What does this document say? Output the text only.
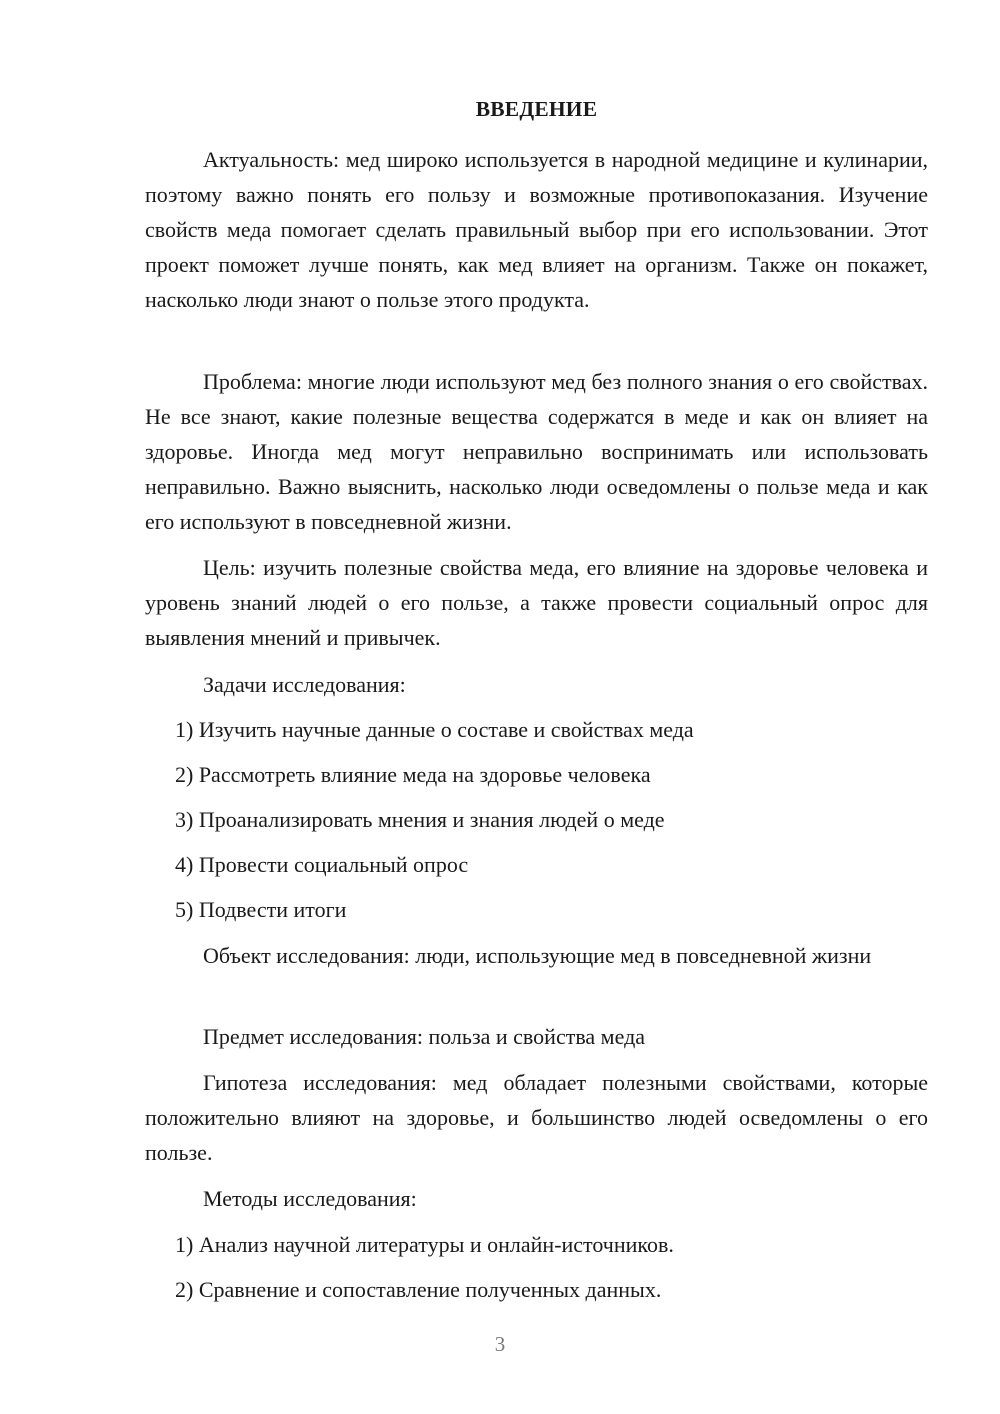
ВВЕДЕНИЕ

Актуальность: мед широко используется в народной медицине и кулинарии, поэтому важно понять его пользу и возможные противопоказания. Изучение свойств меда помогает сделать правильный выбор при его использовании. Этот проект поможет лучше понять, как мед влияет на организм. Также он покажет, насколько люди знают о пользе этого продукта.

Проблема: многие люди используют мед без полного знания о его свойствах. Не все знают, какие полезные вещества содержатся в меде и как он влияет на здоровье. Иногда мед могут неправильно воспринимать или использовать неправильно. Важно выяснить, насколько люди осведомлены о пользе меда и как его используют в повседневной жизни.

Цель: изучить полезные свойства меда, его влияние на здоровье человека и уровень знаний людей о его пользе, а также провести социальный опрос для выявления мнений и привычек.

Задачи исследования:

1) Изучить научные данные о составе и свойствах меда

2) Рассмотреть влияние меда на здоровье человека

3) Проанализировать мнения и знания людей о меде

4) Провести социальный опрос

5) Подвести итоги

Объект исследования: люди, использующие мед в повседневной жизни

Предмет исследования: польза и свойства меда

Гипотеза исследования: мед обладает полезными свойствами, которые положительно влияют на здоровье, и большинство людей осведомлены о его пользе.

Методы исследования:

1) Анализ научной литературы и онлайн-источников.

2) Сравнение и сопоставление полученных данных.

3
